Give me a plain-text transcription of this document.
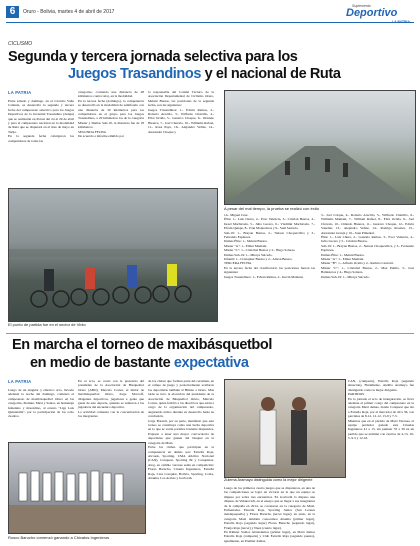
6	Oruro - Bolivia, martes 4 de abril de 2017
Suplemento
Deportivo
CICLISMO
Segunda y tercera jornada selectiva para los
Juegos Trasandinos y el nacional de Ruta
LA PATRIA
Entre sábado y domingo, en el Circuito Valle Caliente, se desarrolló la segunda y tercera fecha del campeonato selectivo para los Juegos Deportivos de la Juventud Trasandina (Jadeju) que se realizarán en Potosí del 24 al 29 de abril y para el campeonato nacional en la modalidad de Ruta que se disputará en el mes de mayo en Tarija.
En la segunda fecha cabalgaron los competidores de todas las
categorías, corriendo una distancia de 28 kilómetros contra reloj, en la modalidad.
En la tercera fecha (domingo), la competencia se desarrolló en la modalidad de semifondo con una distancia de 30 kilómetros para los competidores en el grupo para los Juegos Trasandinos, a 20 kilómetros los de la categoría Máster y Damas Sub-19, la distancia fue de 18 kilómetros.
SEGUNDA FECHA
De acuerdo a informe emitido por
la responsable del Comité Técnico de la Asociación Departamental de Ciclismo Oruro, Melani Bustos, las posiciones de la segunda fecha, son las siguientes:
Juegos Trasandinos: 1.- Edwin Ramos, 2.- Roberto Aracillo, 3.- Wilfredo Chatrillo, 4.- Eliot Ocaña, 5.- Gustavo Choque, 6.- Orlando Huanca, 7.- Joel Chavalo, 10.- Williams Rafael, 11.- Rosa Paye, 16.- Alejandro Velizé, 14.- Alexander Choque y
El punto de partida fue en el sector de Vinto
A pesar del mal tiempo, la prueba se realizó con éxito
14.- Miguel Cruz.
Élite: 1.- Luis Chura, 2.- Ever Valencia, 3.- Cristian Bustos, 4.- Israel Machicado, 5.- Julio Lucero, 6.- Vladimir Machicado, 7.- Efraín Quispe, 8.- Iván Montecinos y 9.- Saúl Serrudo.
Sub-19: 1.- Brayan Bustos, 2.- Nelson Choquevillca y 3.- Fernando Espinoza.
Damas Élite: 1.- Melani Bustos.
Máster "A": 1.- Eimer Mamani.
Máster "C": 1.- Cristóbal Bustos y 2.- Hugo Solares.
Damas Sub-19: 1.- Mireya Salcedo.
Infantil: 1.- Cristopher Bustos y 2.- Alison Bustos.
TERCERA FECHA
En la tercera fecha del clasificatorio las posiciones fueron las siguientes:
Juegos Trasandinos: 1.- Edwin Ramos, 2.- Kevin Mamani,
3.- Joel Colque, 4.- Roberto Aracillo, 5.- Wilfredo Chatrillo, 6.- Williams Mamani, 7.- William Rafael, 8.- Eliot Ocaña, 9.- Joel Chavalo, 10.- Orlando Huanca, 11.- Gustavo Choque, 12.- Edwin Vanellar, 13.- Alejandro Velizé, 14.- Rodrigo Rosales, 15.- Alexander Granja y 16.- Juan Pimentel.
Élite: 1.- Luis Chura, 2.- Gonzalo Ramos, 3.- Ever Valencia, 4.- Julio Lucero y 5.- Cristian Bustos.
Sub-19: 1.- Brayan Bustos, 2.- Nelson Choquevillca, y 3.- Fernando Espinoza.
Damas Élite: 1.- Melani Bustos.
Máster "A": 1.- Eimer Mamani.
Máster "B": 1.- Alfredo Ocaña y 2.- Ramiro Canaviri.
Máster "C": 1.- Cristóbal Bustos, 2.- Max Patiño, 3.- José Ballesteros y 4.- Hugo Solares.
Damas Sub-19: 1.- Mireya Salcedo.
En marcha el torneo de maxibásquetbol
en medio de bastante expectativa
LA PATRIA
Luego de un singular y emotivo acto, llevado adelante la noche del domingo, comenzó el campeonato de maxibásquetbol Oruro en las categorías, Premier, Maxi y Senior, en homenaje femenino y masculino, al evento "Liga Luis Quintanilla", por la participación de los ocho cuadros.
En el acto, se contó con la presencia del presidente de la Asociación de Básquetbol Oruro (ABO), Marcelo Cortez, el titular de maxibásquetbol Oruro, Jorge Morcoff, dirigentes deportivos, jugadores e gente que gusta de este deporte, quienes se sumaron a las jugadoras del encuentro deportivo.
La actividad comenzó con la concentración de los integrantes
de los clubes que forman parte del certamen, en el campo de juego y posteriormente acallaron los deportistas también al Himno a Oruro. Más tarde se tuvo la alocución del presidente de la Asociación de Básquetbol Oruro, Marcelo Cortez, quien felicitó a los directivos que están a cargo de la organización del campeonato, augurando éxitos durante su desarrollo hasta su conclusión.
Jorge Borenil, por su parte, manifestó que este torneo se constituye como una lucha deportiva en la que se verán partidos bastante disputados. Expresó a tener una mayor convocatoria de deportistas que gusten del básquet en la categoría de Maxi.
Entre los clubes que participan en la competencia en damas son: Estrella Roja, Alcotek, Sporting, CMA Atlético Nacional (CAN), Conquest, Sporting JR y Conquistas. Alog, en cambio varones están en competición: Flores Barucho, Ciruela Ingenieros, Estrella Roja, Cass Conquist, Bolivia, Sporting, Cobra, Alsuma, Los Arabes y Gorborth.
Rosco Barucho comenzó ganando a Chivatos Ingenieros
Zulema Aramayo distinguida como la mejor dirigente
Luego de los primeros cuatro juegos que se disputaron, en una de las competiciones se logró en victoria en la que un equipo se impuso por sobre tres encuentros. En Gorborth la dispuso una dispuso de Vidakovich, en el ensayo que se llegar a sus integrantes de la campaña en 2014, se coronaron en la categoría de Maxi. Enfrentados Estrella Roja, Sporting Junior (San Leones tiendapequeño) y Flores Barucho (tercer lugar), en tanto, en la categoría Maxi también conocemos Alsuma (primer lugar), Estrella Roja (segundo lugar) Flores Barucho (segundo lugar), Franja Roja (tercer) y Nuex (cuarto lugar).
En Rimeur Somos Abrandamos (primer lugar), en Maxi damos Estrella Roja (campeón) y Club Estrella Roja (segundo puesto), igualmente, en Premier damas,
CAN, (campeón), Estrella Roja (segundo situación), Finalmente, Ateliba Aramayo fue distinguido como la mejor dirigente.
PARTIDOS
En la jornada el acto de inauguración, se llevó adelante el primer cotejo del campeonato en la categoría Maxi damas, donde Conquest que sin a Estrella Roja, por el marcador de 40 a 36, con parciales de 8-12, 12-12, 13-9 y 7-3.
Mientras que en el partido de Maxi Varones, el equipo perdedor ganado esta Ciruelas Ingenieros 41 a 13, sin puntuar 35 a 39 en un partido que se terminó con cuartos de 4-13, 16-5, 9-5 y 12-16.
